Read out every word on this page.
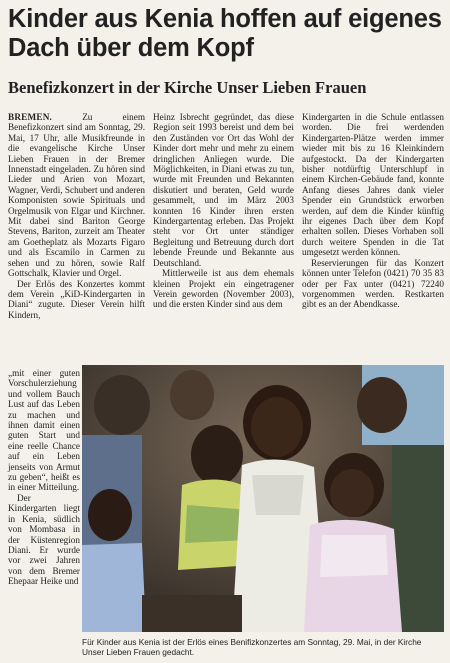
Kinder aus Kenia hoffen auf eigenes Dach über dem Kopf
Benefizkonzert in der Kirche Unser Lieben Frauen

BREMEN.	Zu einem Benefizkonzert sind am Sonntag, 29. Mai, 17 Uhr, alle Musikfreunde in die evangelische Kirche Unser Lieben Frauen in der Bremer Innenstadt eingeladen. Zu hören sind Lieder und Arien von Mozart, Wagner, Verdi, Schubert und anderen Komponisten sowie Spirituals und Orgelmusik von Elgar und Kirchner. Mit dabei sind Bariton George Stevens, Bariton, zurzeit am Theater am Goetheplatz als Mozarts Figaro und als Escamilo in Carmen zu sehen und zu hören, sowie Ralf Gottschalk, Klavier und Orgel.

Der Erlös des Konzertes kommt dem Verein „KiD-Kindergarten in Diani“ zugute. Dieser Verein hilft Kindern,

„mit einer guten Vorschulerziehung und vollem Bauch Lust auf das Leben zu machen und ihnen damit einen guten Start und eine reelle Chance auf ein Leben jenseits von Armut zu geben“, heißt es in einer Mitteilung.

Der Kindergarten liegt in Kenia, südlich von Mombasa in der Küstenregion Diani. Er wurde vor zwei Jahren von dem Bremer Ehepaar Heike und

Heinz Isbrecht gegründet, das diese Region seit 1993 bereist und dem bei den Zuständen vor Ort das Wohl der Kinder dort mehr und mehr zu einem dringlichen Anliegen wurde. Die Möglichkeiten, in Diani etwas zu tun, wurde mit Freunden und Bekannten diskutiert und beraten, Geld wurde gesammelt, und im März 2003 konnten 16 Kinder ihren ersten Kindergartentag erleben. Das Projekt steht vor Ort unter ständiger Begleitung und Betreuung durch dort lebende Freunde und Bekannte aus Deutschland.

Mittlerweile ist aus dem ehemals kleinen Projekt ein eingetragener Verein geworden (November 2003), und die ersten Kinder sind aus dem

Kindergarten in die Schule entlassen worden. Die frei werdenden Kindergarten-Plätze werden immer wieder mit bis zu 16 Kleinkindern aufgestockt. Da der Kindergarten bisher notdürftig Unterschlupf in einem Kirchen-Gebäude fand, konnte Anfang dieses Jahres dank vieler Spender ein Grundstück erworben werden, auf dem die Kinder künftig ihr eigenes Dach über dem Kopf erhalten sollen. Dieses Vorhaben soll durch weitere Spenden in die Tat umgesetzt werden können.

Reservierungen für das Konzert können unter Telefon (0421) 70 35 83 oder per Fax unter (0421) 72240 vorgenommen werden. Restkarten gibt es an der Abendkasse.

Für Kinder aus Kenia ist der Erlös eines Benifizkonzertes am Sonntag, 29. Mai, in der Kirche Unser Lieben Frauen gedacht.
